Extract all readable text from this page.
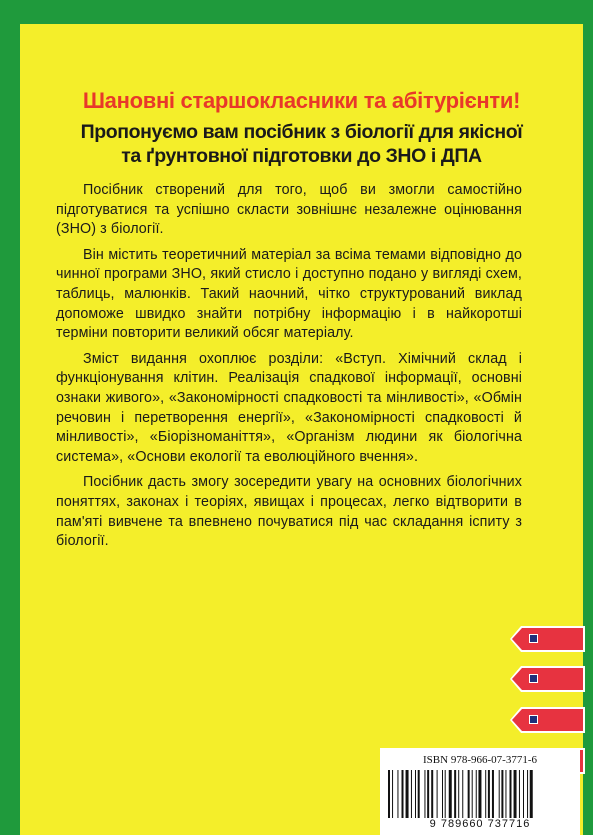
Шановні старшокласники та абітурієнти!
Пропонуємо вам посібник з біології для якісної
та ґрунтовної підготовки до ЗНО і ДПА

Посібник створений для того, щоб ви змогли самостійно підготуватися та успішно скласти зовнішнє незалежне оцінювання (ЗНО) з біології.

Він містить теоретичний матеріал за всіма темами відповідно до чинної програми ЗНО, який стисло і доступно подано у вигляді схем, таблиць, малюнків. Такий наочний, чітко структурований виклад допоможе швидко знайти потрібну інформацію і в найкоротші терміни повторити великий обсяг матеріалу.

Зміст видання охоплює розділи: «Вступ. Хімічний склад і функціонування клітин. Реалізація спадкової інформації, основні ознаки живого», «Закономірності спадковості та мінливості», «Обмін речовин і перетворення енергії», «Закономірності спадковості й мінливості», «Біорізноманіття», «Організм людини як біологічна система», «Основи екології та еволюційного вчення».

Посібник дасть змогу зосередити увагу на основних біологічних поняттях, законах і теоріях, явищах і процесах, легко відтворити в пам'яті вивчене та впевнено почуватися під час складання іспиту з біології.

ISBN 978-966-07-3771-6
9 789660 737716
